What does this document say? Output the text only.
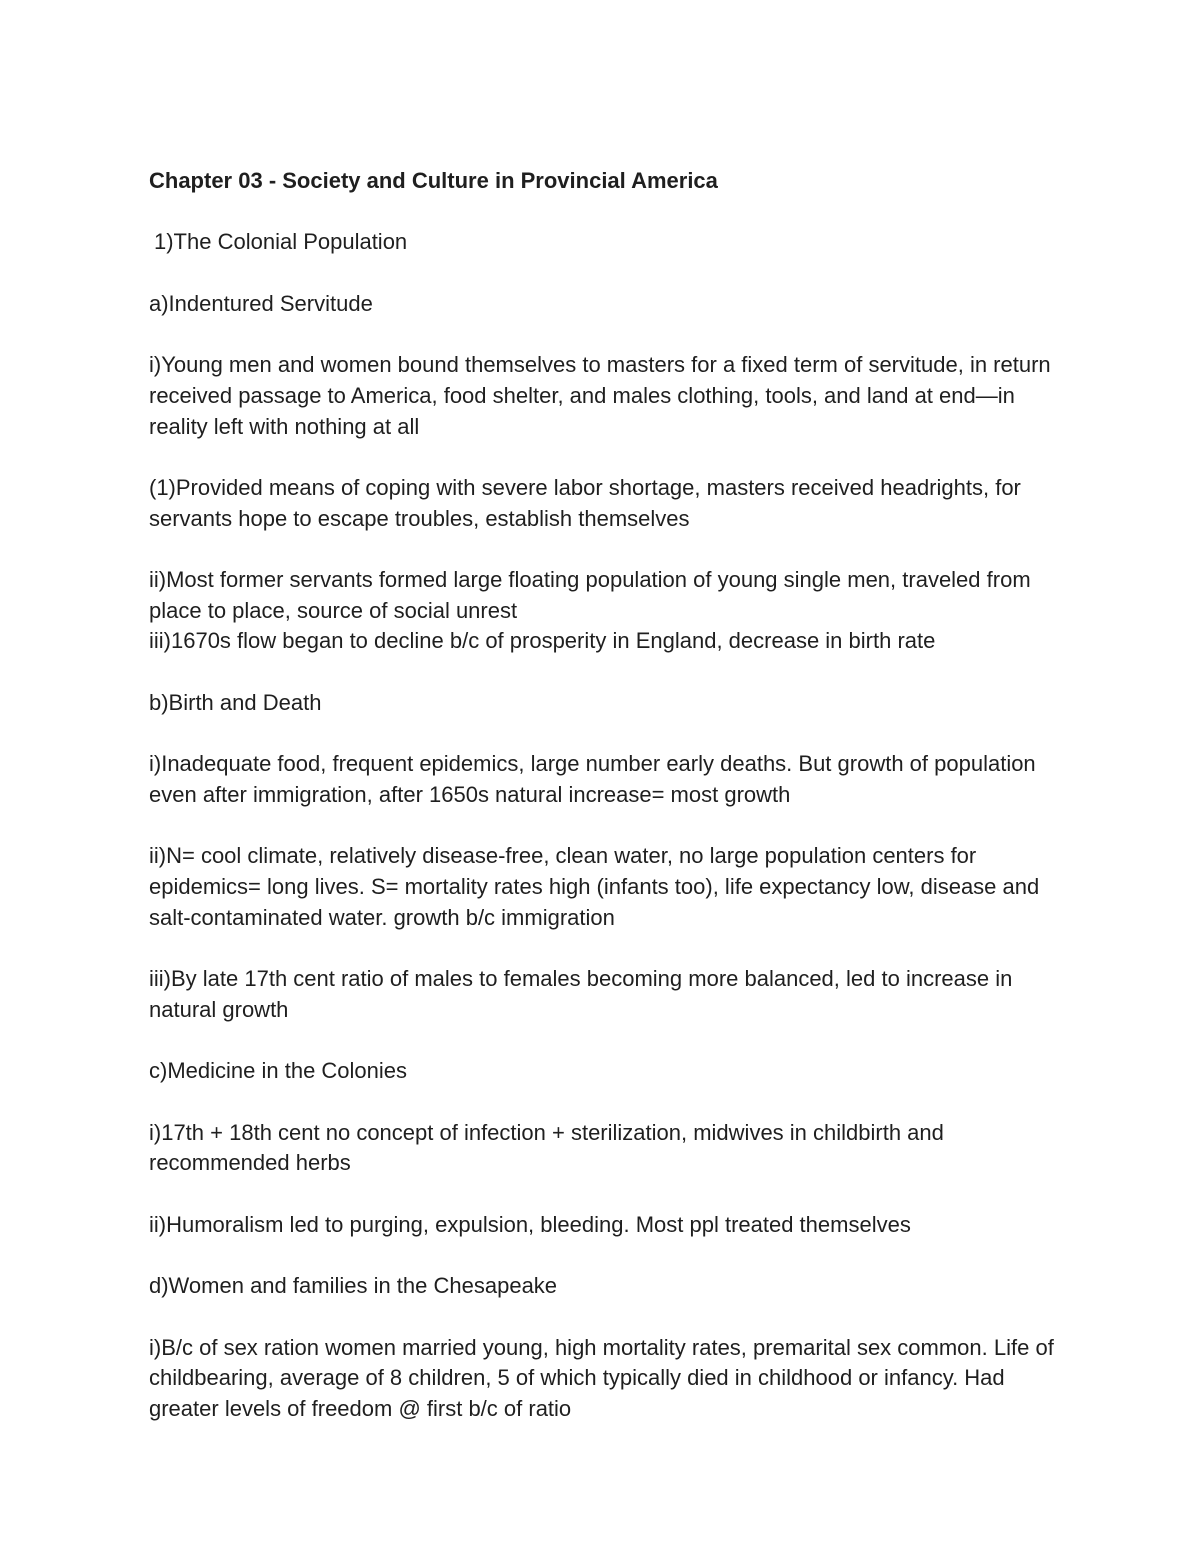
Chapter 03 - Society and Culture in Provincial America

1)The Colonial Population

a)Indentured Servitude

i)Young men and women bound themselves to masters for a fixed term of servitude, in return received passage to America, food shelter, and males clothing, tools, and land at end—in reality left with nothing at all

(1)Provided means of coping with severe labor shortage, masters received headrights, for servants hope to escape troubles, establish themselves

ii)Most former servants formed large floating population of young single men, traveled from place to place, source of social unrest

iii)1670s flow began to decline b/c of prosperity in England, decrease in birth rate

b)Birth and Death

i)Inadequate food, frequent epidemics, large number early deaths. But growth of population even after immigration, after 1650s natural increase= most growth

ii)N= cool climate, relatively disease-free, clean water, no large population centers for epidemics= long lives. S= mortality rates high (infants too), life expectancy low, disease and salt-contaminated water. growth b/c immigration

iii)By late 17th cent ratio of males to females becoming more balanced, led to increase in natural growth

c)Medicine in the Colonies

i)17th + 18th cent no concept of infection + sterilization, midwives in childbirth and recommended herbs

ii)Humoralism led to purging, expulsion, bleeding. Most ppl treated themselves

d)Women and families in the Chesapeake

i)B/c of sex ration women married young, high mortality rates, premarital sex common. Life of childbearing, average of 8 children, 5 of which typically died in childhood or infancy. Had greater levels of freedom @ first b/c of ratio
